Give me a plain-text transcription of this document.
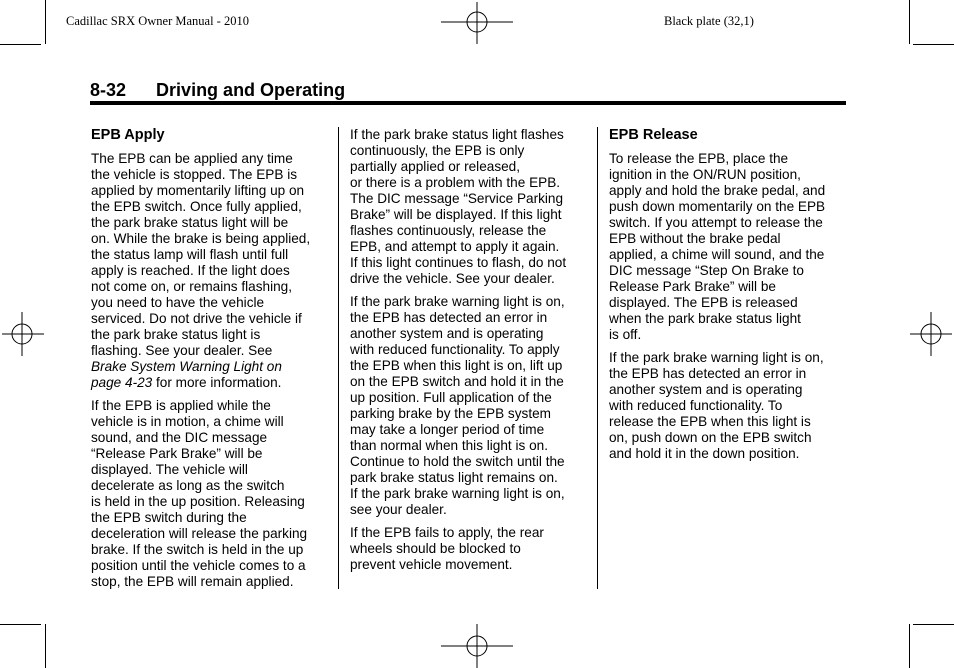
Cadillac SRX Owner Manual - 2010	Black plate (32,1)
8-32 Driving and Operating
EPB Apply

The EPB can be applied any time
the vehicle is stopped. The EPB is
applied by momentarily lifting up on
the EPB switch. Once fully applied,
the park brake status light will be
on. While the brake is being applied,
the status lamp will flash until full
apply is reached. If the light does
not come on, or remains flashing,
you need to have the vehicle
serviced. Do not drive the vehicle if
the park brake status light is
flashing. See your dealer. See
Brake System Warning Light on
page 4-23 for more information.

If the EPB is applied while the
vehicle is in motion, a chime will
sound, and the DIC message
“Release Park Brake” will be
displayed. The vehicle will
decelerate as long as the switch
is held in the up position. Releasing
the EPB switch during the
deceleration will release the parking
brake. If the switch is held in the up
position until the vehicle comes to a
stop, the EPB will remain applied.

If the park brake status light flashes
continuously, the EPB is only
partially applied or released,
or there is a problem with the EPB.
The DIC message “Service Parking
Brake” will be displayed. If this light
flashes continuously, release the
EPB, and attempt to apply it again.
If this light continues to flash, do not
drive the vehicle. See your dealer.

If the park brake warning light is on,
the EPB has detected an error in
another system and is operating
with reduced functionality. To apply
the EPB when this light is on, lift up
on the EPB switch and hold it in the
up position. Full application of the
parking brake by the EPB system
may take a longer period of time
than normal when this light is on.
Continue to hold the switch until the
park brake status light remains on.
If the park brake warning light is on,
see your dealer.

If the EPB fails to apply, the rear
wheels should be blocked to
prevent vehicle movement.

EPB Release

To release the EPB, place the
ignition in the ON/RUN position,
apply and hold the brake pedal, and
push down momentarily on the EPB
switch. If you attempt to release the
EPB without the brake pedal
applied, a chime will sound, and the
DIC message “Step On Brake to
Release Park Brake” will be
displayed. The EPB is released
when the park brake status light
is off.

If the park brake warning light is on,
the EPB has detected an error in
another system and is operating
with reduced functionality. To
release the EPB when this light is
on, push down on the EPB switch
and hold it in the down position.
